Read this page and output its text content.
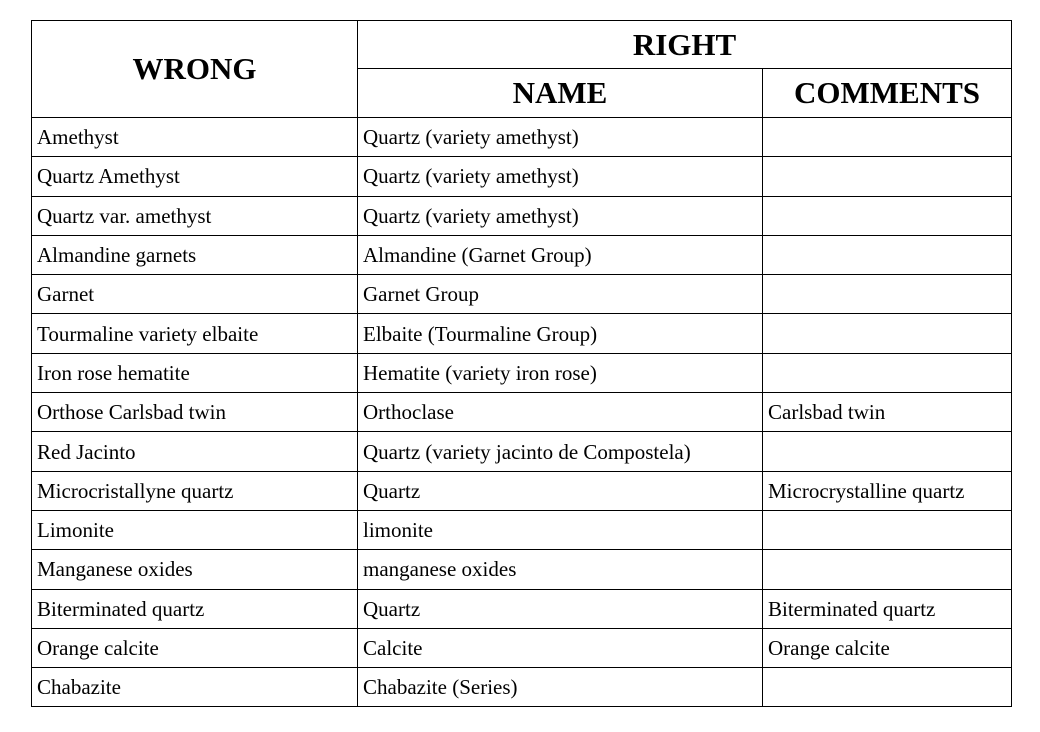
WRONG	RIGHT	
	NAME	COMMENTS
Amethyst	Quartz (variety amethyst)	
Quartz Amethyst	Quartz (variety amethyst)	
Quartz var. amethyst	Quartz (variety amethyst)	
Almandine garnets	Almandine (Garnet Group)	
Garnet	Garnet Group	
Tourmaline variety elbaite	Elbaite (Tourmaline Group)	
Iron rose hematite	Hematite (variety iron rose)	
Orthose Carlsbad twin	Orthoclase	Carlsbad twin
Red Jacinto	Quartz (variety jacinto de Compostela)	
Microcristallyne quartz	Quartz	Microcrystalline quartz
Limonite	limonite	
Manganese oxides	manganese oxides	
Biterminated quartz	Quartz	Biterminated quartz
Orange calcite	Calcite	Orange calcite
Chabazite	Chabazite (Series)	
